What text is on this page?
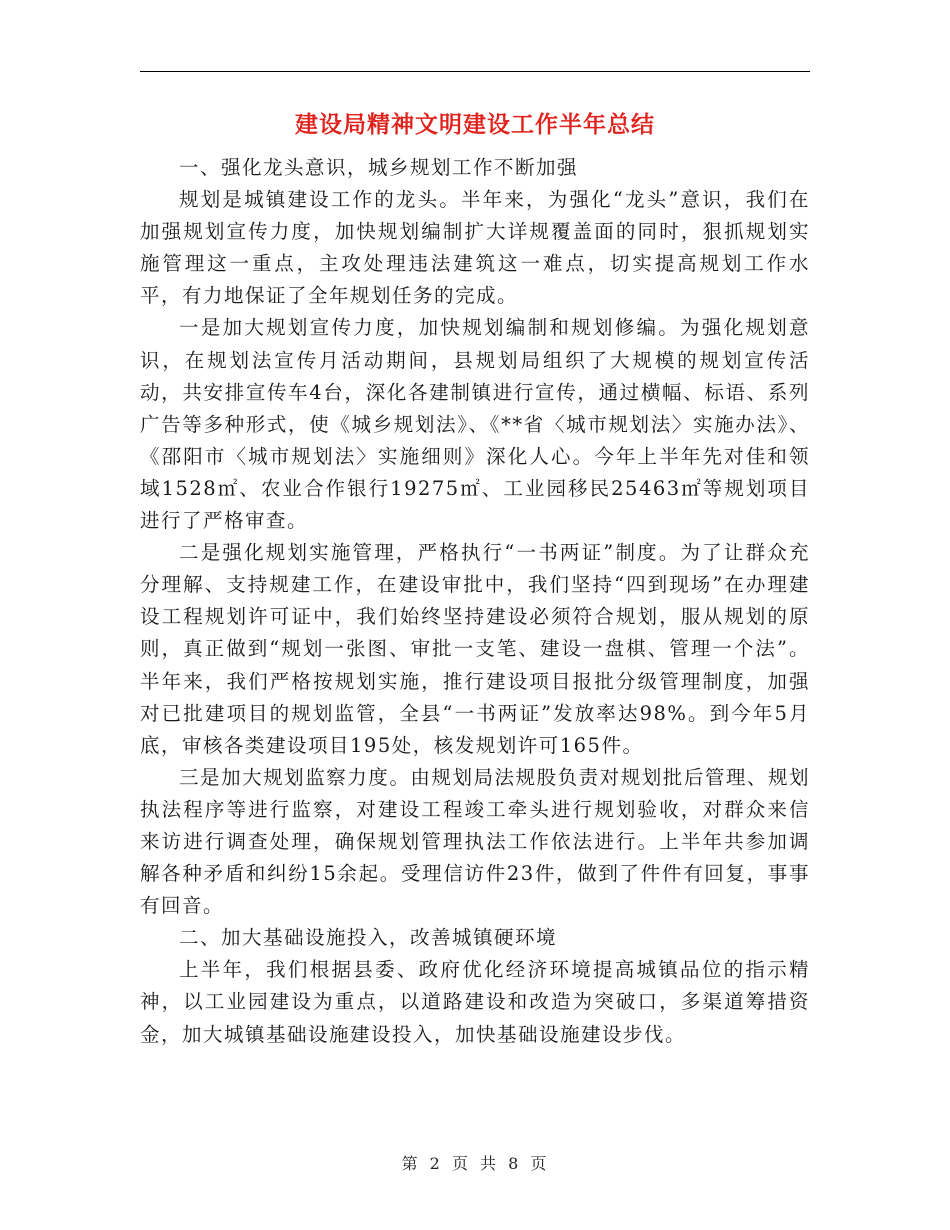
建设局精神文明建设工作半年总结

一、强化龙头意识，城乡规划工作不断加强

规划是城镇建设工作的龙头。半年来，为强化“龙头”意识，我们在加强规划宣传力度，加快规划编制扩大详规覆盖面的同时，狠抓规划实施管理这一重点，主攻处理违法建筑这一难点，切实提高规划工作水平，有力地保证了全年规划任务的完成。

一是加大规划宣传力度，加快规划编制和规划修编。为强化规划意识，在规划法宣传月活动期间，县规划局组织了大规模的规划宣传活动，共安排宣传车4台，深化各建制镇进行宣传，通过横幅、标语、系列广告等多种形式，使《城乡规划法》、《**省〈城市规划法〉实施办法》、《邵阳市〈城市规划法〉实施细则》深化人心。今年上半年先对佳和领域1528㎡、农业合作银行19275㎡、工业园移民25463㎡等规划项目进行了严格审查。

二是强化规划实施管理，严格执行“一书两证”制度。为了让群众充分理解、支持规建工作，在建设审批中，我们坚持“四到现场”在办理建设工程规划许可证中，我们始终坚持建设必须符合规划，服从规划的原则，真正做到“规划一张图、审批一支笔、建设一盘棋、管理一个法”。半年来，我们严格按规划实施，推行建设项目报批分级管理制度，加强对已批建项目的规划监管，全县“一书两证”发放率达98%。到今年5月底，审核各类建设项目195处，核发规划许可165件。

三是加大规划监察力度。由规划局法规股负责对规划批后管理、规划执法程序等进行监察，对建设工程竣工牵头进行规划验收，对群众来信来访进行调查处理，确保规划管理执法工作依法进行。上半年共参加调解各种矛盾和纠纷15余起。受理信访件23件，做到了件件有回复，事事有回音。

二、加大基础设施投入，改善城镇硬环境

上半年，我们根据县委、政府优化经济环境提高城镇品位的指示精神，以工业园建设为重点，以道路建设和改造为突破口，多渠道筹措资金，加大城镇基础设施建设投入，加快基础设施建设步伐。

第 2 页 共 8 页
